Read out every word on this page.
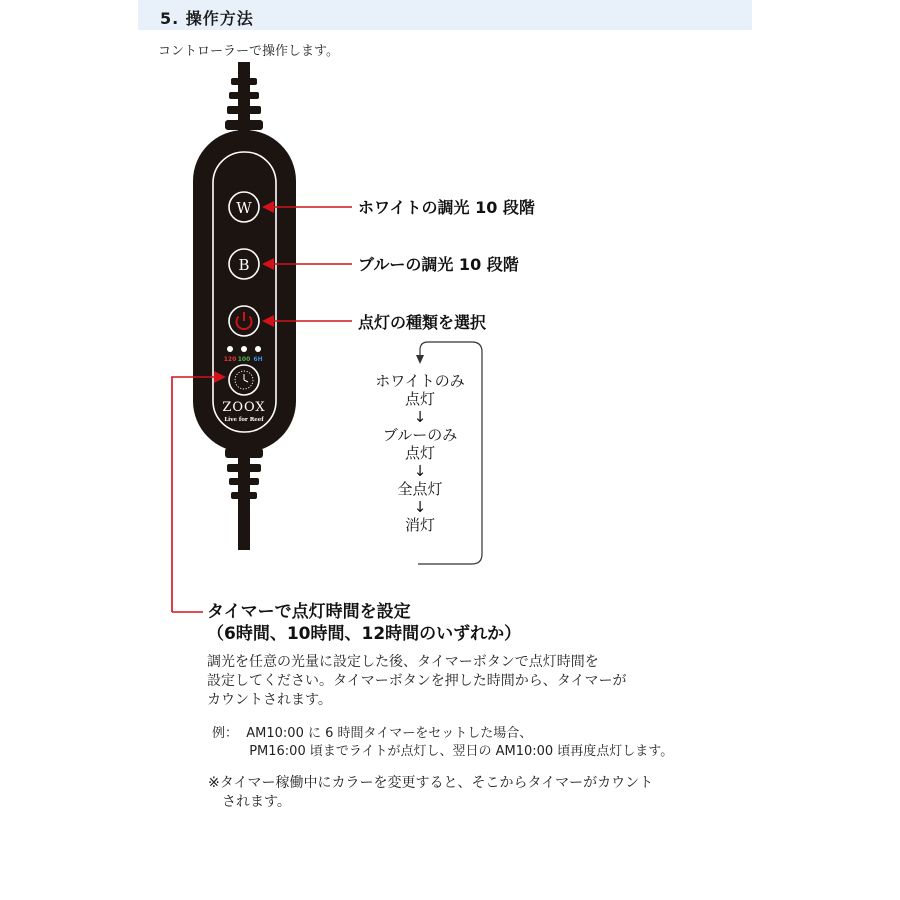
5. 操作方法
コントローラーで操作します。
W
B
120 100 6H
ZOOX
Live for Reef
ホワイトの調光 10 段階
ブルーの調光 10 段階
点灯の種類を選択
ホワイトのみ
点灯
↓
ブルーのみ
点灯
↓
全点灯
↓
消灯
タイマーで点灯時間を設定
（6時間、10時間、12時間のいずれか）
調光を任意の光量に設定した後、タイマーボタンで点灯時間を
設定してください。タイマーボタンを押した時間から、タイマーが
カウントされます。
例：  AM10:00 に 6 時間タイマーをセットした場合、
PM16:00 頃までライトが点灯し、翌日の AM10:00 頃再度点灯します。
※タイマー稼働中にカラーを変更すると、そこからタイマーがカウント
　されます。
